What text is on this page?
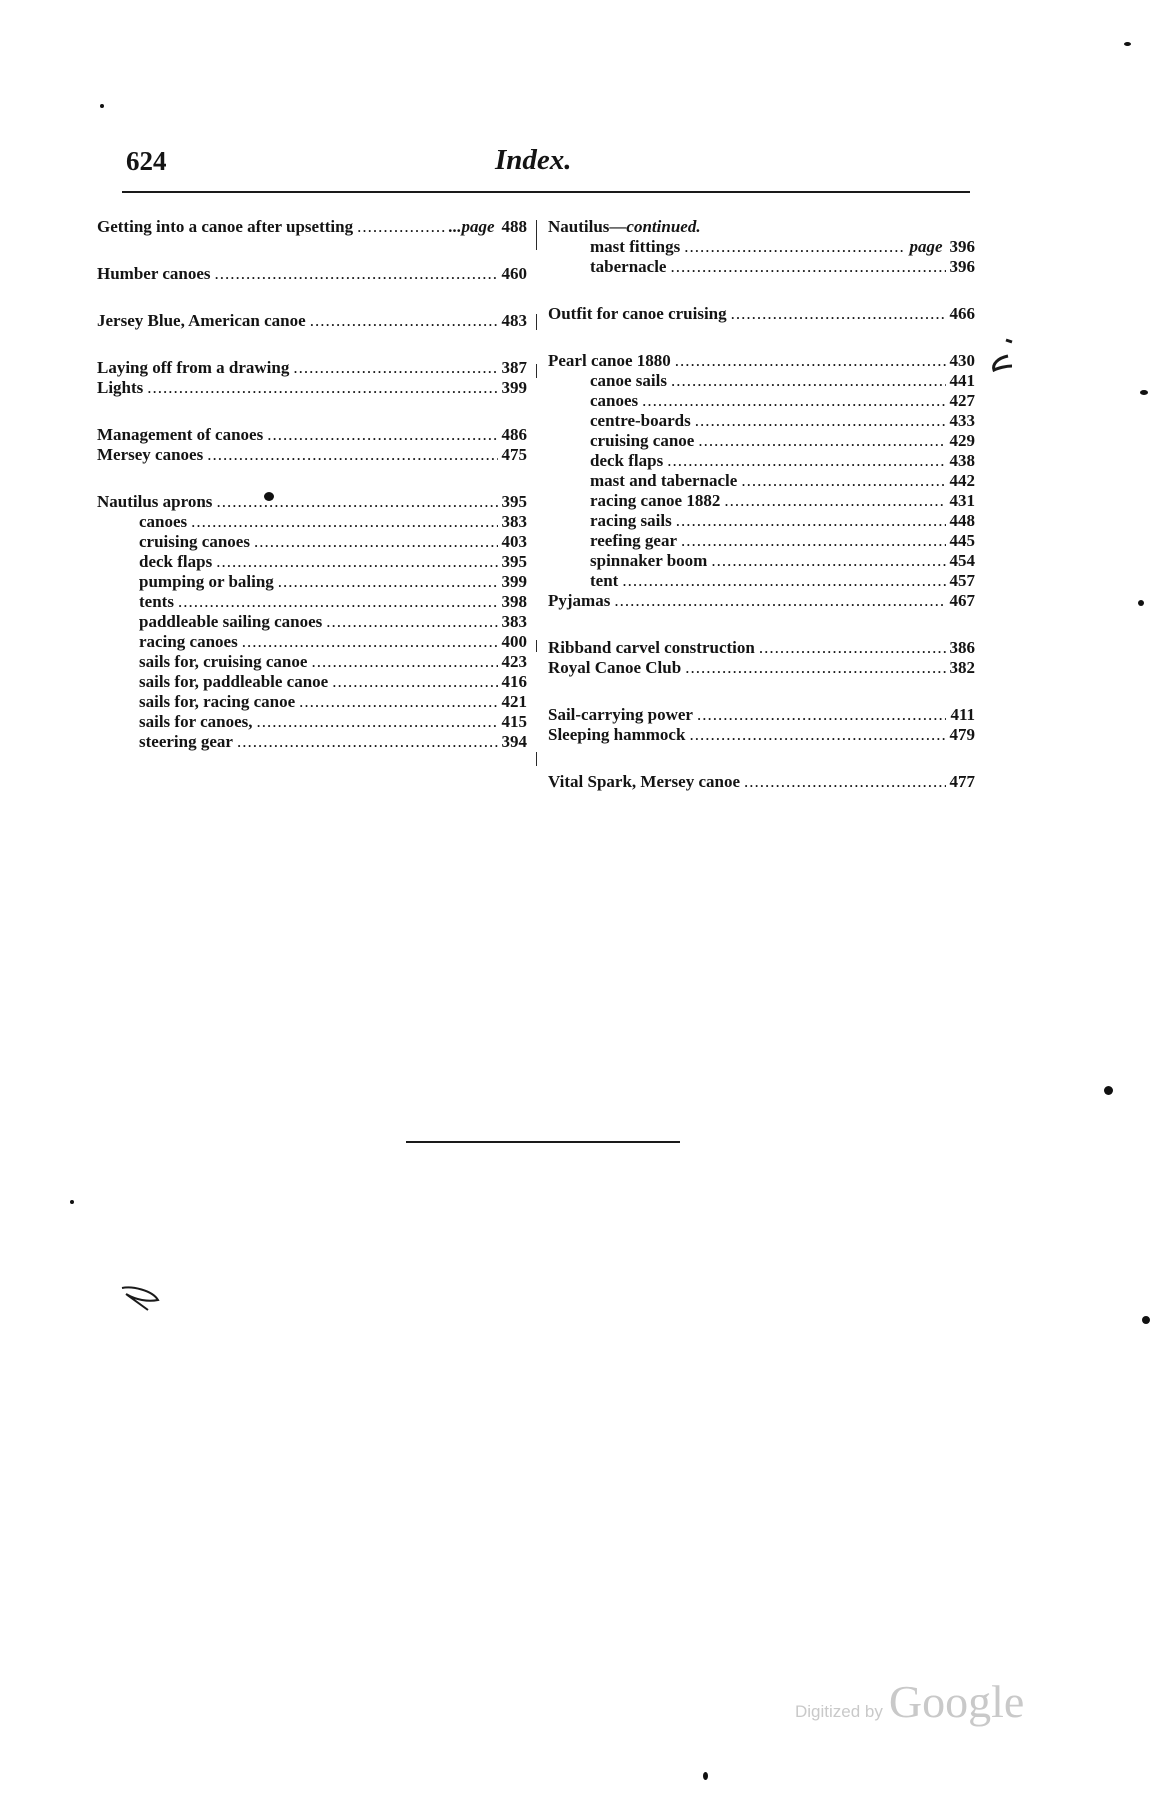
624	Index.
Getting into a canoe after upsetting .....	...page 488
Humber canoes .....	460
Jersey Blue, American canoe .....	483
Laying off from a drawing .....	387
Lights .....	399
Management of canoes .....	486
Mersey canoes .....	475
Nautilus aprons .....	395
canoes .....	383
cruising canoes .....	403
deck flaps .....	395
pumping or baling .....	399
tents .....	398
paddleable sailing canoes .....	383
racing canoes .....	400
sails for, cruising canoe .....	423
sails for, paddleable canoe .....	416
sails for, racing canoe .....	421
sails for canoes, .....	415
steering gear .....	394
Nautilus— continued.
mast fittings .....	page 396
tabernacle .....	396
Outfit for canoe cruising .....	466
Pearl canoe 1880 .....	430
canoe sails .....	441
canoes .....	427
centre-boards .....	433
cruising canoe .....	429
deck flaps .....	438
mast and tabernacle .....	442
racing canoe 1882 .....	431
racing sails .....	448
reefing gear .....	445
spinnaker boom .....	454
tent .....	457
Pyjamas .....	467
Ribband carvel construction .....	386
Royal Canoe Club .....	382
Sail-carrying power .....	411
Sleeping hammock .....	479
Vital Spark, Mersey canoe .....	477
Digitized by Google
